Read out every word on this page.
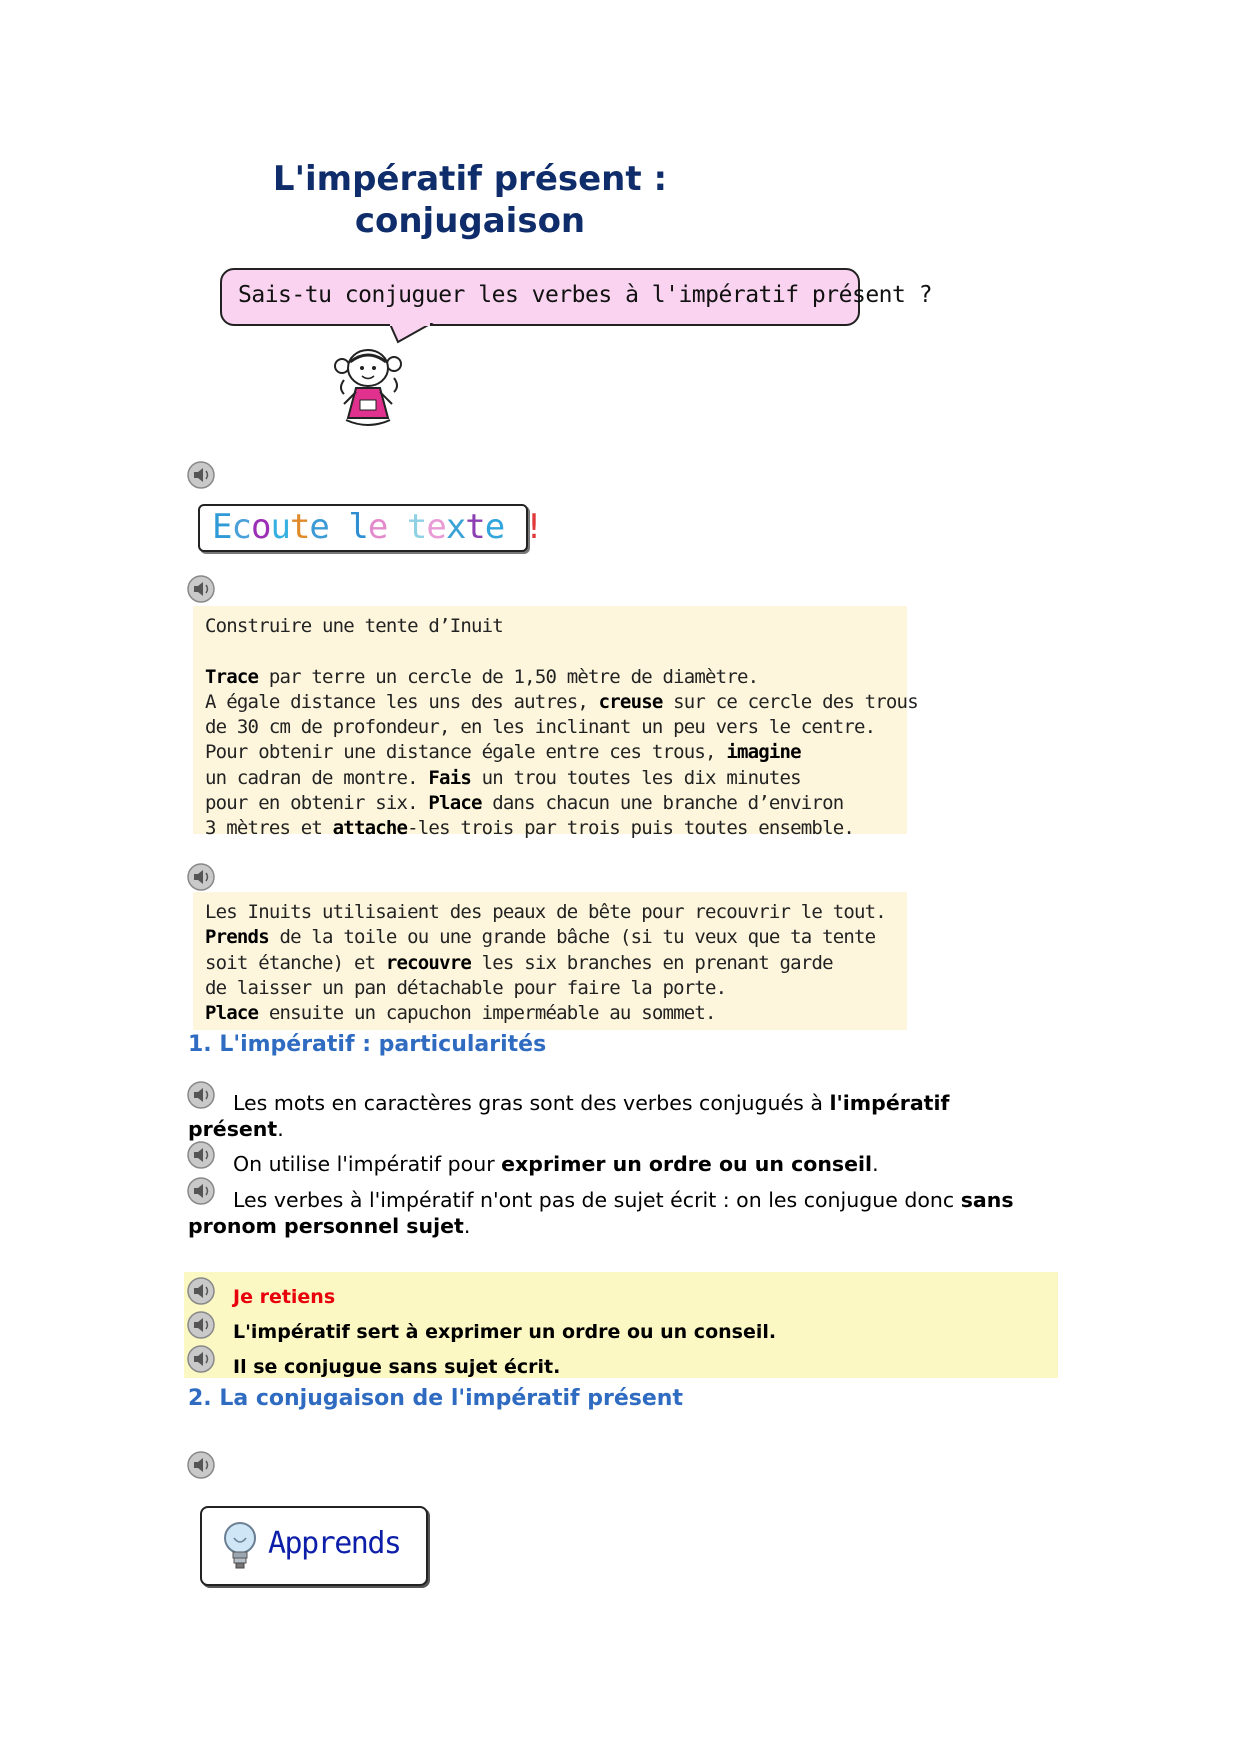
L'impératif présent :
conjugaison
Sais-tu conjuguer les verbes à l'impératif présent ?
Ecoute le texte !
Construire une tente d’Inuit

Trace par terre un cercle de 1,50 mètre de diamètre.
A égale distance les uns des autres, creuse sur ce cercle des trous
de 30 cm de profondeur, en les inclinant un peu vers le centre.
Pour obtenir une distance égale entre ces trous, imagine
un cadran de montre. Fais un trou toutes les dix minutes
pour en obtenir six. Place dans chacun une branche d’environ
3 mètres et attache-les trois par trois puis toutes ensemble.
Les Inuits utilisaient des peaux de bête pour recouvrir le tout.
Prends de la toile ou une grande bâche (si tu veux que ta tente
soit étanche) et recouvre les six branches en prenant garde
de laisser un pan détachable pour faire la porte.
Place ensuite un capuchon imperméable au sommet.
1. L'impératif : particularités
Les mots en caractères gras sont des verbes conjugués à l'impératif présent.
On utilise l'impératif pour exprimer un ordre ou un conseil.
Les verbes à l'impératif n'ont pas de sujet écrit : on les conjugue donc sans pronom personnel sujet.
Je retiens
L'impératif sert à exprimer un ordre ou un conseil.
Il se conjugue sans sujet écrit.
2. La conjugaison de l'impératif présent
Apprends
